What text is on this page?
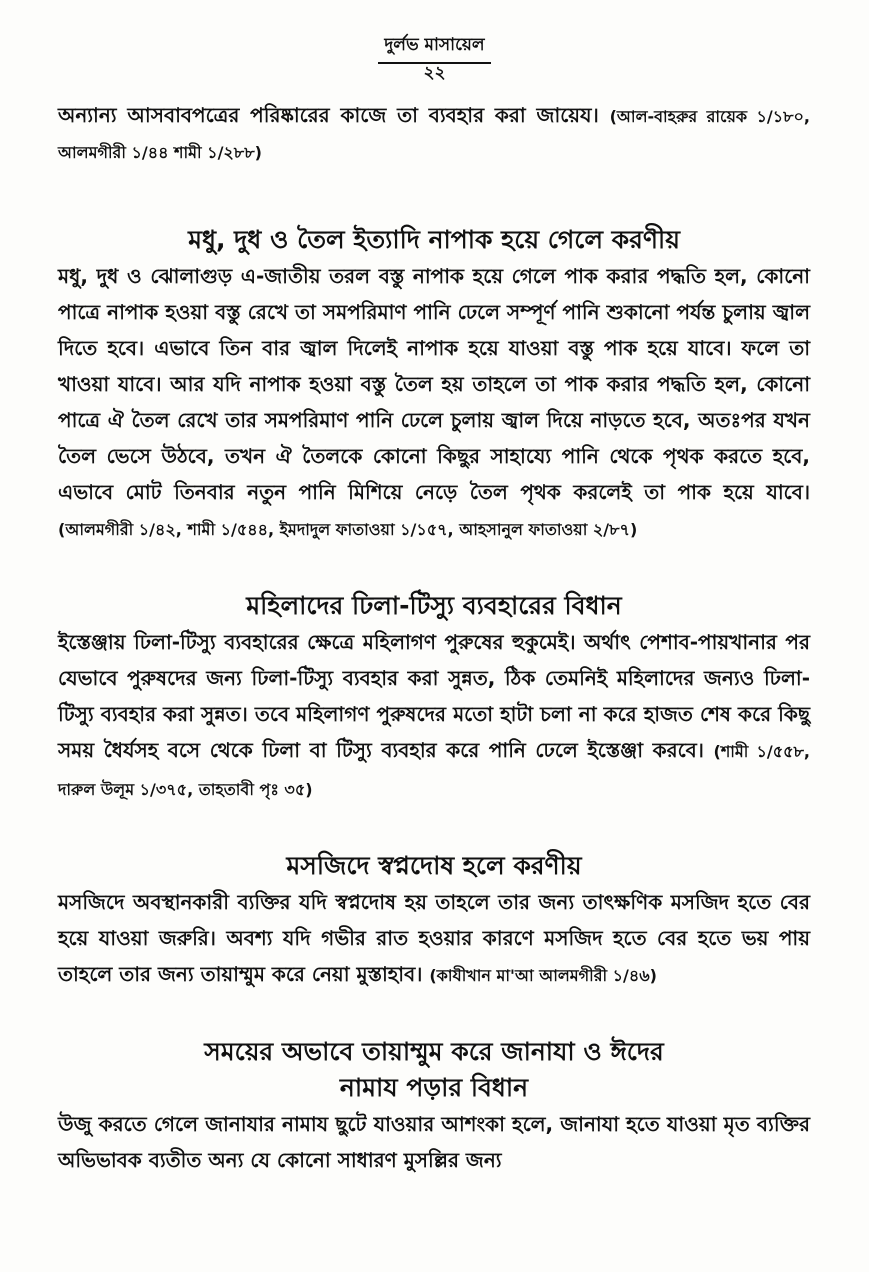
দুর্লভ মাসায়েল
২২

অন্যান্য আসবাবপত্রের পরিষ্কারের কাজে তা ব্যবহার করা জায়েয। (আল-বাহরুর রায়েক ১/১৮০, আলমগীরী ১/৪৪ শামী ১/২৮৮)

মধু, দুধ ও তৈল ইত্যাদি নাপাক হয়ে গেলে করণীয়

মধু, দুধ ও ঝোলাগুড় এ-জাতীয় তরল বস্তু নাপাক হয়ে গেলে পাক করার পদ্ধতি হল, কোনো পাত্রে নাপাক হওয়া বস্তু রেখে তা সমপরিমাণ পানি ঢেলে সম্পূর্ণ পানি শুকানো পর্যন্ত চুলায় জ্বাল দিতে হবে। এভাবে তিন বার জ্বাল দিলেই নাপাক হয়ে যাওয়া বস্তু পাক হয়ে যাবে। ফলে তা খাওয়া যাবে। আর যদি নাপাক হওয়া বস্তু তৈল হয় তাহলে তা পাক করার পদ্ধতি হল, কোনো পাত্রে ঐ তৈল রেখে তার সমপরিমাণ পানি ঢেলে চুলায় জ্বাল দিয়ে নাড়তে হবে, অতঃপর যখন তৈল ভেসে উঠবে, তখন ঐ তৈলকে কোনো কিছুর সাহায্যে পানি থেকে পৃথক করতে হবে, এভাবে মোট তিনবার নতুন পানি মিশিয়ে নেড়ে তৈল পৃথক করলেই তা পাক হয়ে যাবে। (আলমগীরী ১/৪২, শামী ১/৫৪৪, ইমদাদুল ফাতাওয়া ১/১৫৭, আহসানুল ফাতাওয়া ২/৮৭)

মহিলাদের ঢিলা-টিস্যু ব্যবহারের বিধান

ইস্তেঞ্জায় ঢিলা-টিস্যু ব্যবহারের ক্ষেত্রে মহিলাগণ পুরুষের হুকুমেই। অর্থাৎ পেশাব-পায়খানার পর যেভাবে পুরুষদের জন্য ঢিলা-টিস্যু ব্যবহার করা সুন্নত, ঠিক তেমনিই মহিলাদের জন্যও ঢিলা-টিস্যু ব্যবহার করা সুন্নত। তবে মহিলাগণ পুরুষদের মতো হাটা চলা না করে হাজত শেষ করে কিছু সময় ধৈর্যসহ বসে থেকে ঢিলা বা টিস্যু ব্যবহার করে পানি ঢেলে ইস্তেঞ্জা করবে। (শামী ১/৫৫৮, দারুল উলূম ১/৩৭৫, তাহতাবী পৃঃ ৩৫)

মসজিদে স্বপ্নদোষ হলে করণীয়

মসজিদে অবস্থানকারী ব্যক্তির যদি স্বপ্নদোষ হয় তাহলে তার জন্য তাৎক্ষণিক মসজিদ হতে বের হয়ে যাওয়া জরুরি। অবশ্য যদি গভীর রাত হওয়ার কারণে মসজিদ হতে বের হতে ভয় পায় তাহলে তার জন্য তায়াম্মুম করে নেয়া মুস্তাহাব। (কাযীখান মা'আ আলমগীরী ১/৪৬)

সময়ের অভাবে তায়াম্মুম করে জানাযা ও ঈদের
নামায পড়ার বিধান

উজু করতে গেলে জানাযার নামায ছুটে যাওয়ার আশংকা হলে, জানাযা হতে যাওয়া মৃত ব্যক্তির অভিভাবক ব্যতীত অন্য যে কোনো সাধারণ মুসল্লির জন্য
